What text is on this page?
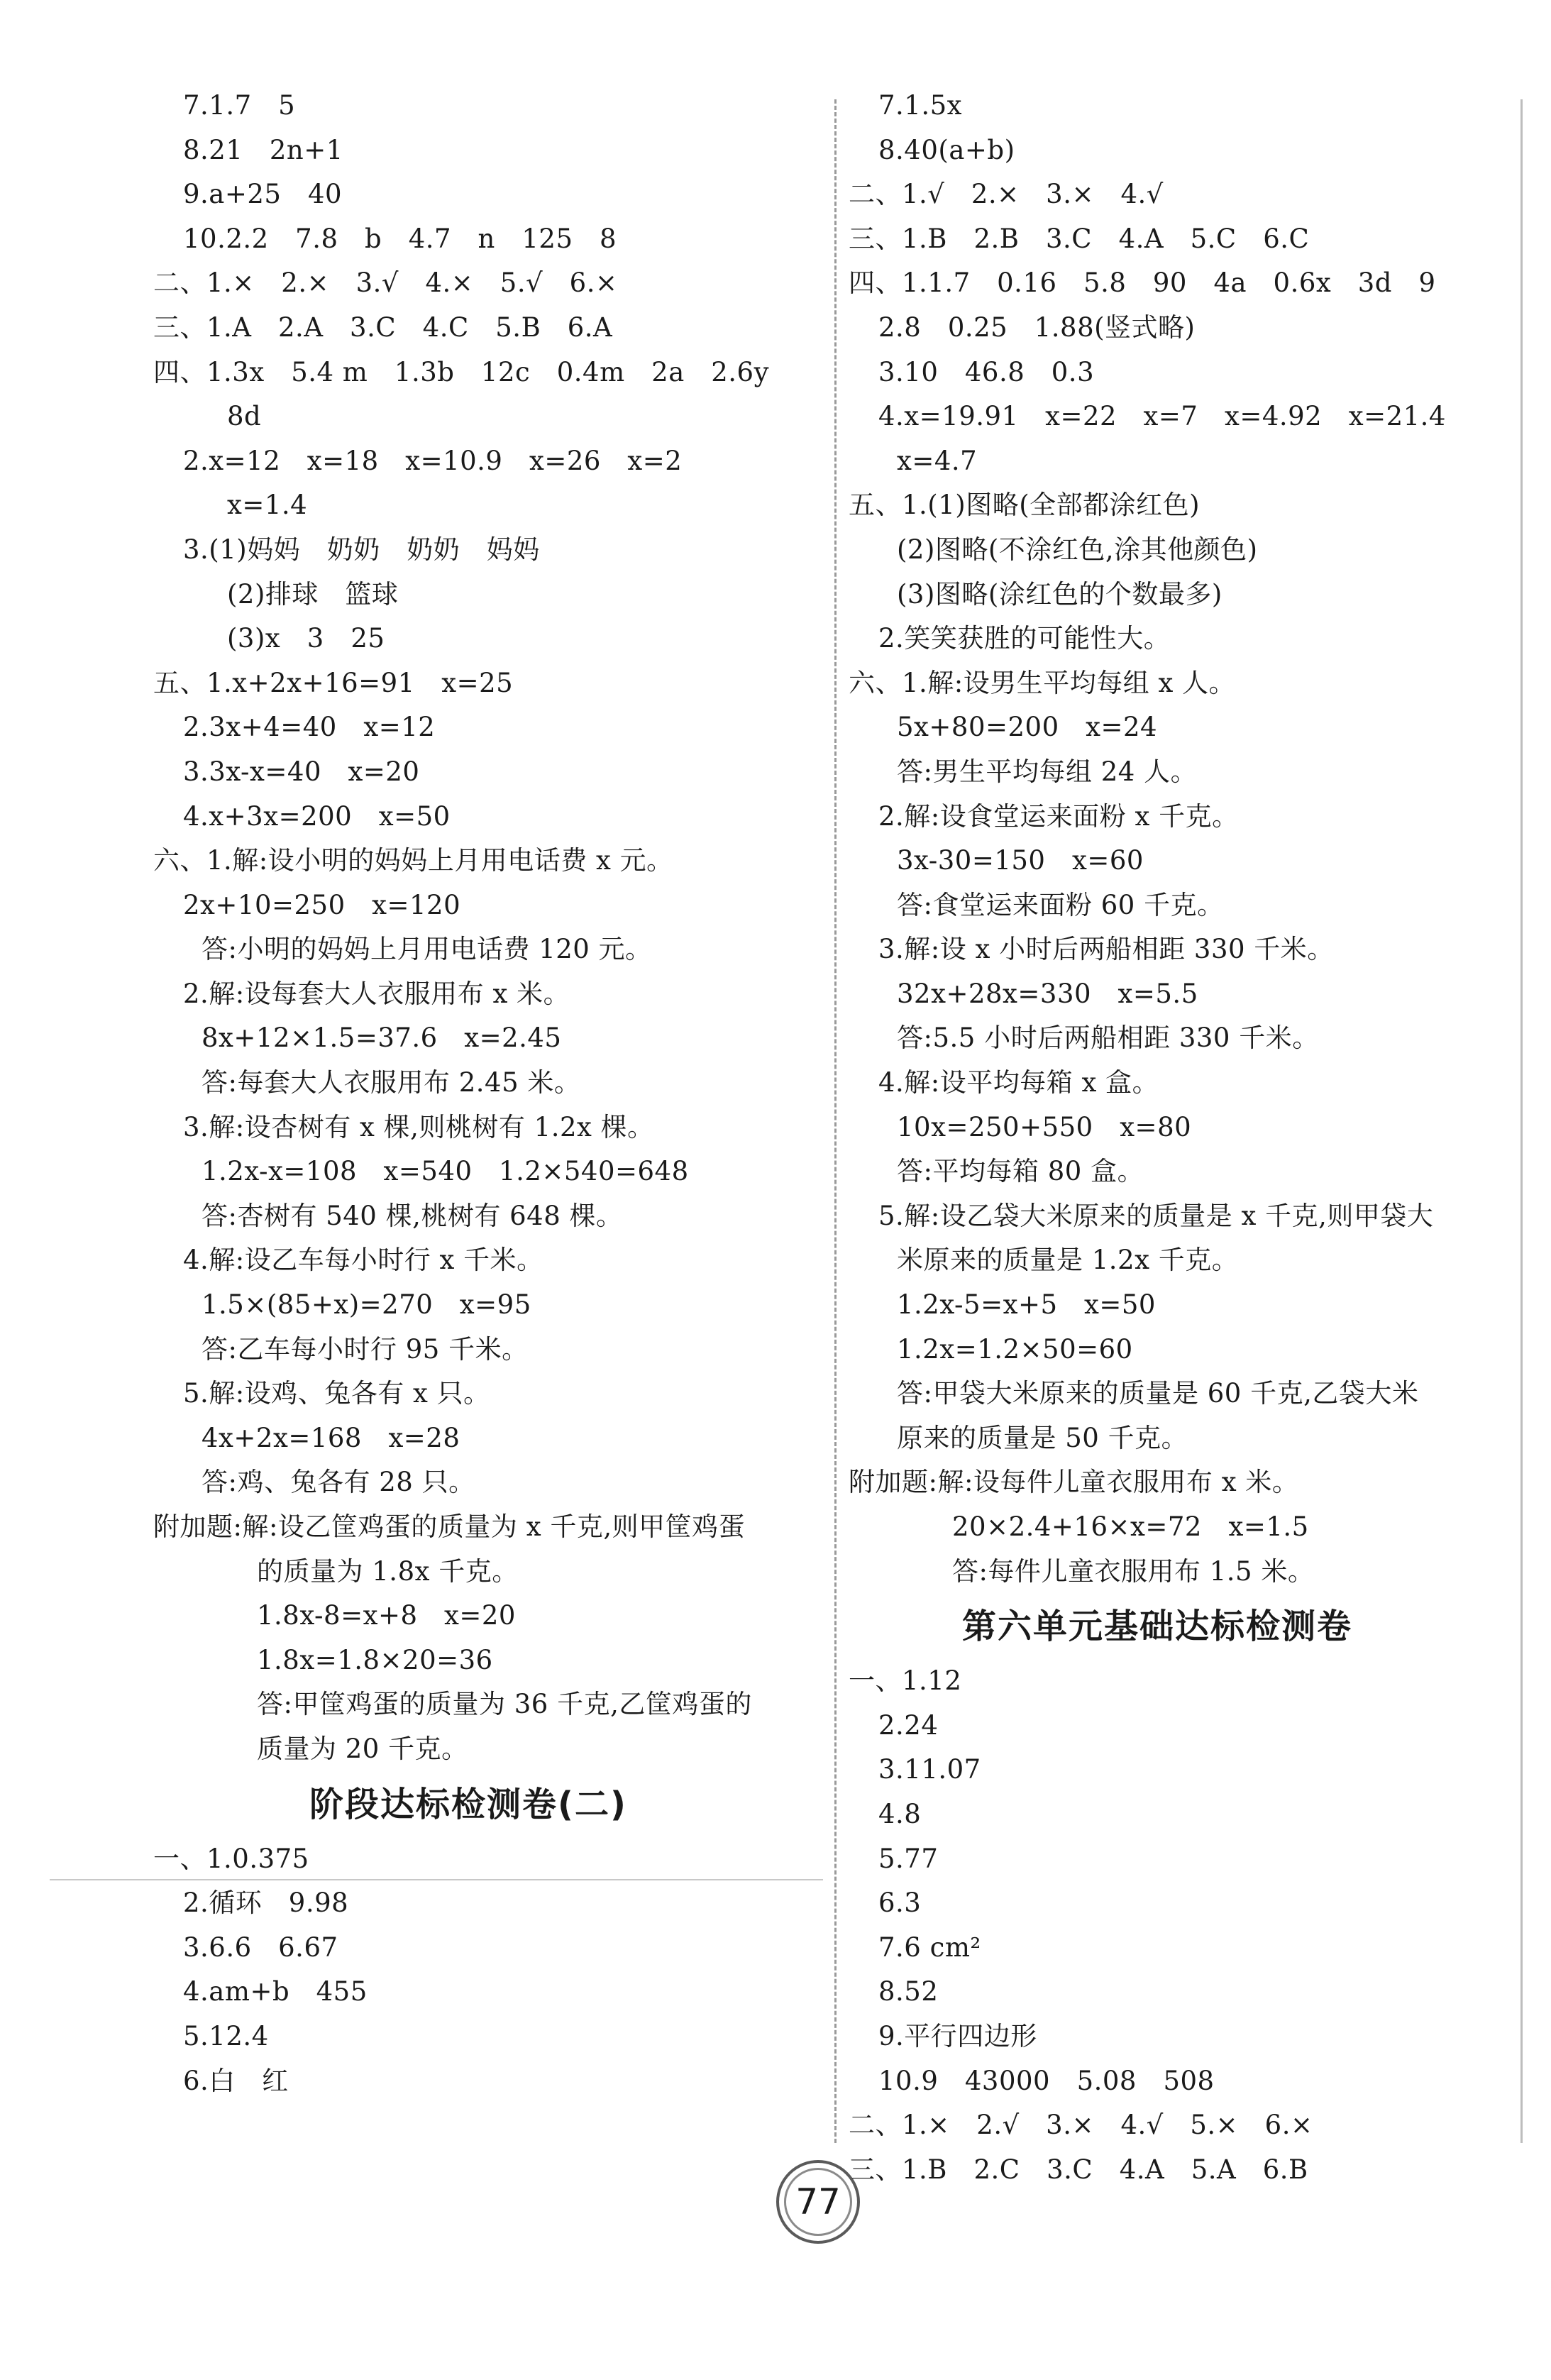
7.1.7　5
8.21　2n+1
9.a+25　40
10.2.2　7.8　b　4.7　n　125　8
二、1.×　2.×　3.√　4.×　5.√　6.×
三、1.A　2.A　3.C　4.C　5.B　6.A
四、1.3x　5.4 m　1.3b　12c　0.4m　2a　2.6y
8d
2.x=12　x=18　x=10.9　x=26　x=2
x=1.4
3.(1)妈妈　奶奶　奶奶　妈妈
(2)排球　篮球
(3)x　3　25
五、1.x+2x+16=91　x=25
2.3x+4=40　x=12
3.3x-x=40　x=20
4.x+3x=200　x=50
六、1.解:设小明的妈妈上月用电话费 x 元。
2x+10=250　x=120
答:小明的妈妈上月用电话费 120 元。
2.解:设每套大人衣服用布 x 米。
8x+12×1.5=37.6　x=2.45
答:每套大人衣服用布 2.45 米。
3.解:设杏树有 x 棵,则桃树有 1.2x 棵。
1.2x-x=108　x=540　1.2×540=648
答:杏树有 540 棵,桃树有 648 棵。
4.解:设乙车每小时行 x 千米。
1.5×(85+x)=270　x=95
答:乙车每小时行 95 千米。
5.解:设鸡、兔各有 x 只。
4x+2x=168　x=28
答:鸡、兔各有 28 只。
附加题:解:设乙筐鸡蛋的质量为 x 千克,则甲筐鸡蛋
的质量为 1.8x 千克。
1.8x-8=x+8　x=20
1.8x=1.8×20=36
答:甲筐鸡蛋的质量为 36 千克,乙筐鸡蛋的
质量为 20 千克。
阶段达标检测卷(二)
一、1.0.375
2.循环　9.98
3.6.6　6.67
4.am+b　455
5.12.4
6.白　红
7.1.5x
8.40(a+b)
二、1.√　2.×　3.×　4.√
三、1.B　2.B　3.C　4.A　5.C　6.C
四、1.1.7　0.16　5.8　90　4a　0.6x　3d　9
2.8　0.25　1.88(竖式略)
3.10　46.8　0.3
4.x=19.91　x=22　x=7　x=4.92　x=21.4
x=4.7
五、1.(1)图略(全部都涂红色)
(2)图略(不涂红色,涂其他颜色)
(3)图略(涂红色的个数最多)
2.笑笑获胜的可能性大。
六、1.解:设男生平均每组 x 人。
5x+80=200　x=24
答:男生平均每组 24 人。
2.解:设食堂运来面粉 x 千克。
3x-30=150　x=60
答:食堂运来面粉 60 千克。
3.解:设 x 小时后两船相距 330 千米。
32x+28x=330　x=5.5
答:5.5 小时后两船相距 330 千米。
4.解:设平均每箱 x 盒。
10x=250+550　x=80
答:平均每箱 80 盒。
5.解:设乙袋大米原来的质量是 x 千克,则甲袋大
米原来的质量是 1.2x 千克。
1.2x-5=x+5　x=50
1.2x=1.2×50=60
答:甲袋大米原来的质量是 60 千克,乙袋大米
原来的质量是 50 千克。
附加题:解:设每件儿童衣服用布 x 米。
20×2.4+16×x=72　x=1.5
答:每件儿童衣服用布 1.5 米。
第六单元基础达标检测卷
一、1.12
2.24
3.11.07
4.8
5.77
6.3
7.6 cm²
8.52
9.平行四边形
10.9　43000　5.08　508
二、1.×　2.√　3.×　4.√　5.×　6.×
三、1.B　2.C　3.C　4.A　5.A　6.B
77
